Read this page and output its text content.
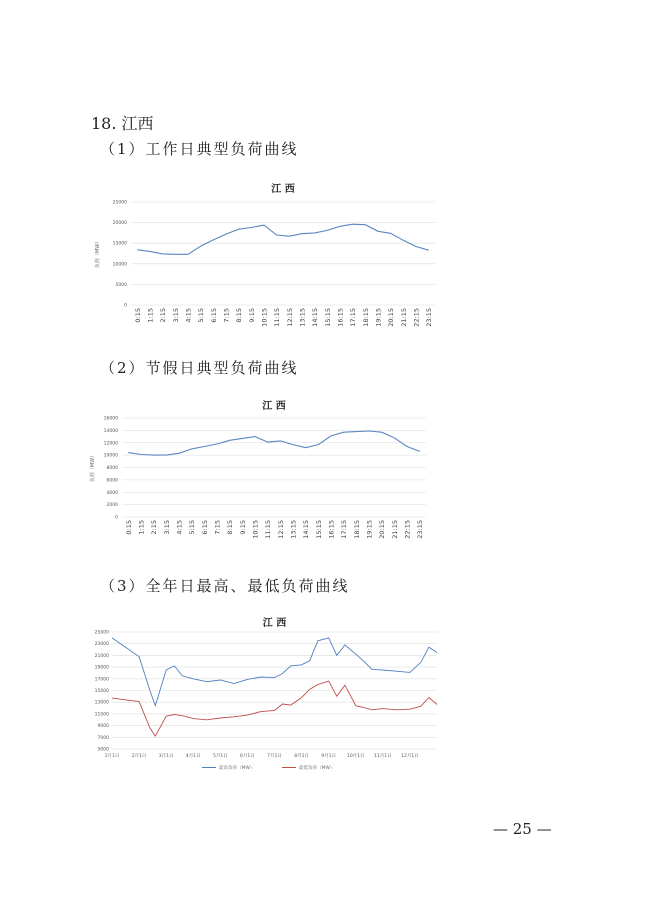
18. 江西
（1）工作日典型负荷曲线
江 西
0
5000
10000
15000
20000
25000
负荷（MW）
0:15 1:15 2:15 3:15 4:15 5:15 6:15 7:15 8:15 9:15 10:15 11:15 12:15 13:15 14:15 15:15 16:15 17:15 18:15 19:15 20:15 21:15 22:15 23:15
（2）节假日典型负荷曲线
江 西
0
2000
4000
6000
8000
10000
12000
14000
16000
负荷（MW）
0:15 1:15 2:15 3:15 4:15 5:15 6:15 7:15 8:15 9:15 10:15 11:15 12:15 13:15 14:15 15:15 16:15 17:15 18:15 19:15 20:15 21:15 22:15 23:15
（3）全年日最高、最低负荷曲线
江 西
5000
7000
9000
11000
13000
15000
17000
19000
21000
23000
25000
1月1日	2月1日	3月1日	4月1日	5月1日	6月1日	7月1日	8月1日	9月1日 10月1日 11月1日 12月1日
最高负荷（MW）	最低负荷（MW）
— 25 —
